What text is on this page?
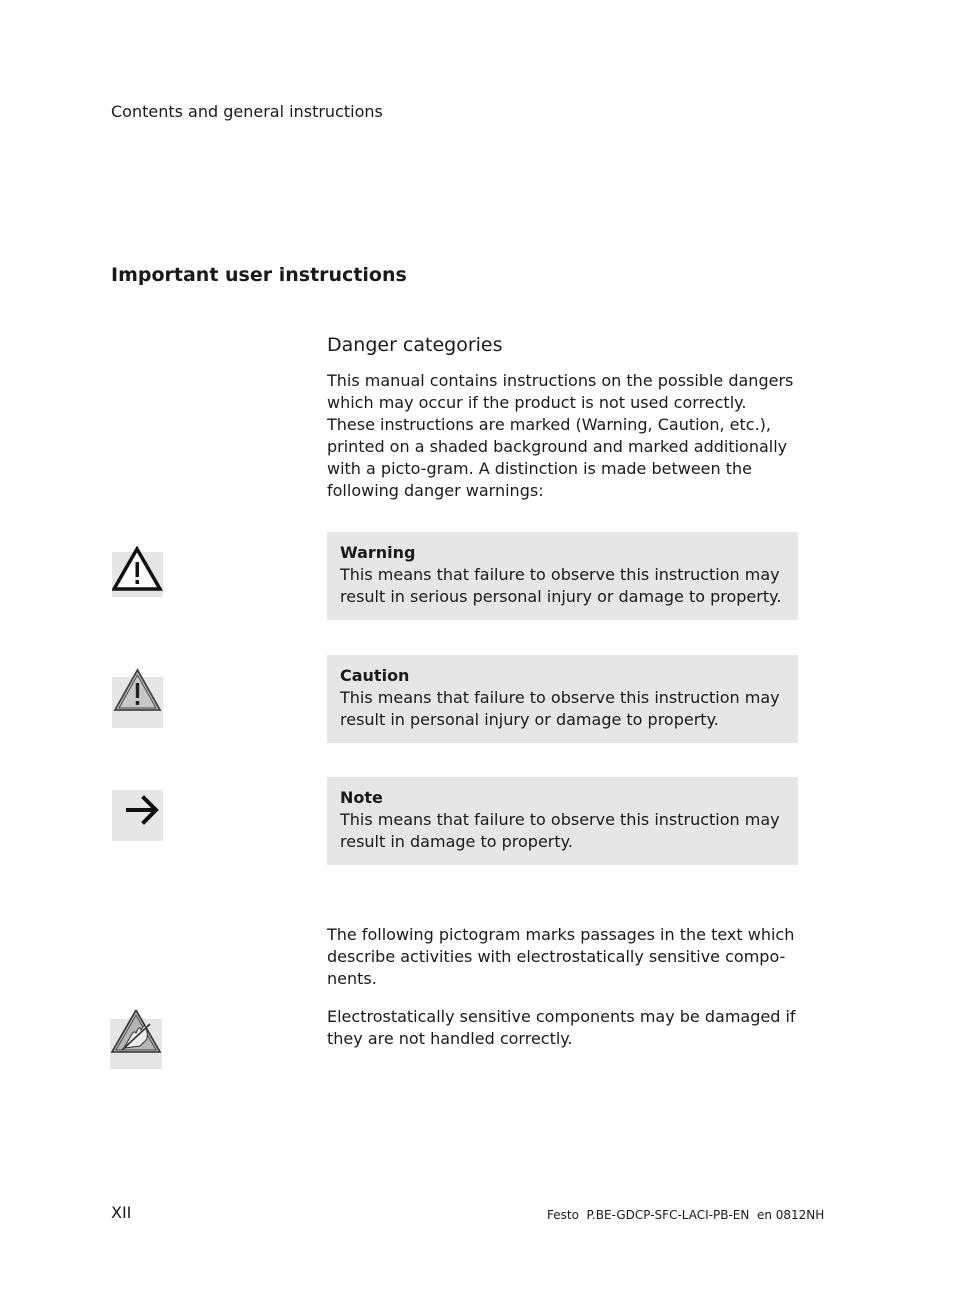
Contents and general instructions
Important user instructions
Danger categories
This manual contains instructions on the possible dangers which may occur if the product is not used correctly. These instructions are marked (Warning, Caution, etc.), printed on a shaded background and marked additionally with a picto-gram. A distinction is made between the following danger warnings:
Warning
This means that failure to observe this instruction may result in serious personal injury or damage to property.
Caution
This means that failure to observe this instruction may result in personal injury or damage to property.
Note
This means that failure to observe this instruction may result in damage to property.
The following pictogram marks passages in the text which describe activities with electrostatically sensitive compo-nents.
Electrostatically sensitive components may be damaged if they are not handled correctly.
XII	Festo  P.BE-GDCP-SFC-LACI-PB-EN  en 0812NH
